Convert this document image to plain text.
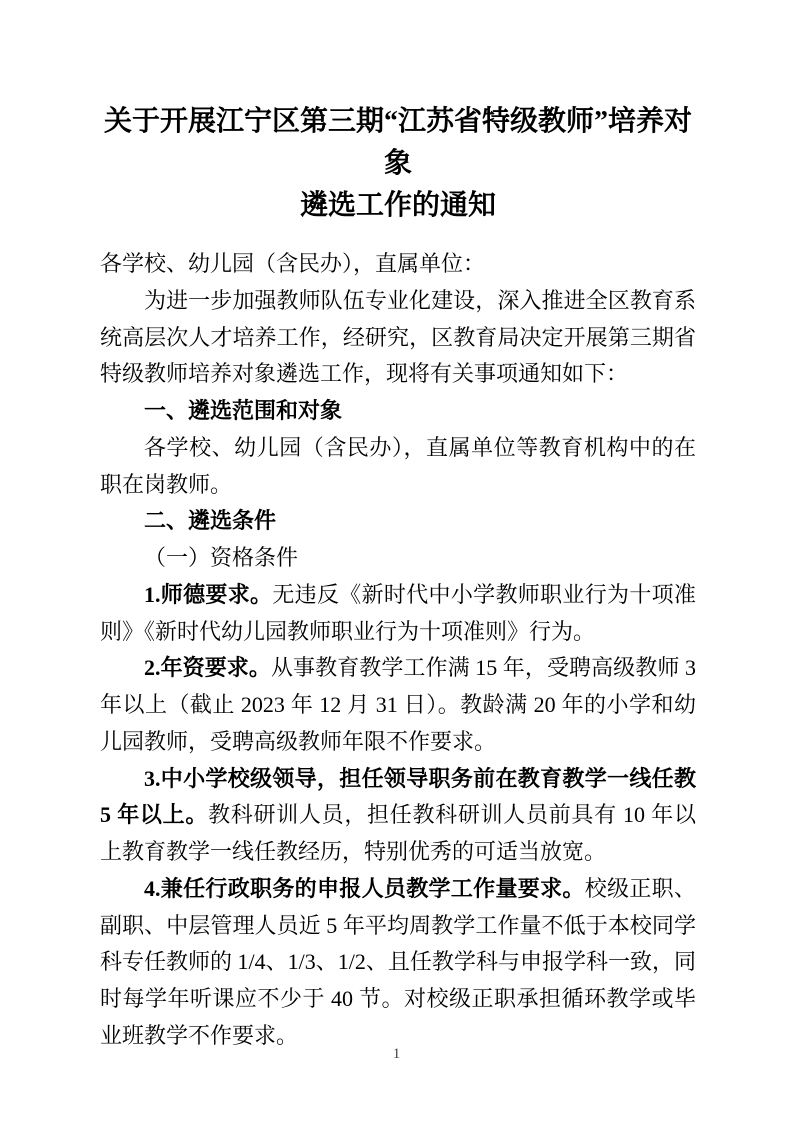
关于开展江宁区第三期“江苏省特级教师”培养对象
遴选工作的通知

各学校、幼儿园（含民办），直属单位：

为进一步加强教师队伍专业化建设，深入推进全区教育系统高层次人才培养工作，经研究，区教育局决定开展第三期省特级教师培养对象遴选工作，现将有关事项通知如下：

一、遴选范围和对象

各学校、幼儿园（含民办），直属单位等教育机构中的在职在岗教师。

二、遴选条件

（一）资格条件

1.师德要求。无违反《新时代中小学教师职业行为十项准则》《新时代幼儿园教师职业行为十项准则》行为。

2.年资要求。从事教育教学工作满 15 年，受聘高级教师 3 年以上（截止 2023 年 12 月 31 日）。教龄满 20 年的小学和幼儿园教师，受聘高级教师年限不作要求。

3.中小学校级领导，担任领导职务前在教育教学一线任教 5 年以上。教科研训人员，担任教科研训人员前具有 10 年以上教育教学一线任教经历，特别优秀的可适当放宽。

4.兼任行政职务的申报人员教学工作量要求。校级正职、副职、中层管理人员近 5 年平均周教学工作量不低于本校同学科专任教师的 1/4、1/3、1/2、且任教学科与申报学科一致，同时每学年听课应不少于 40 节。对校级正职承担循环教学或毕业班教学不作要求。

1
